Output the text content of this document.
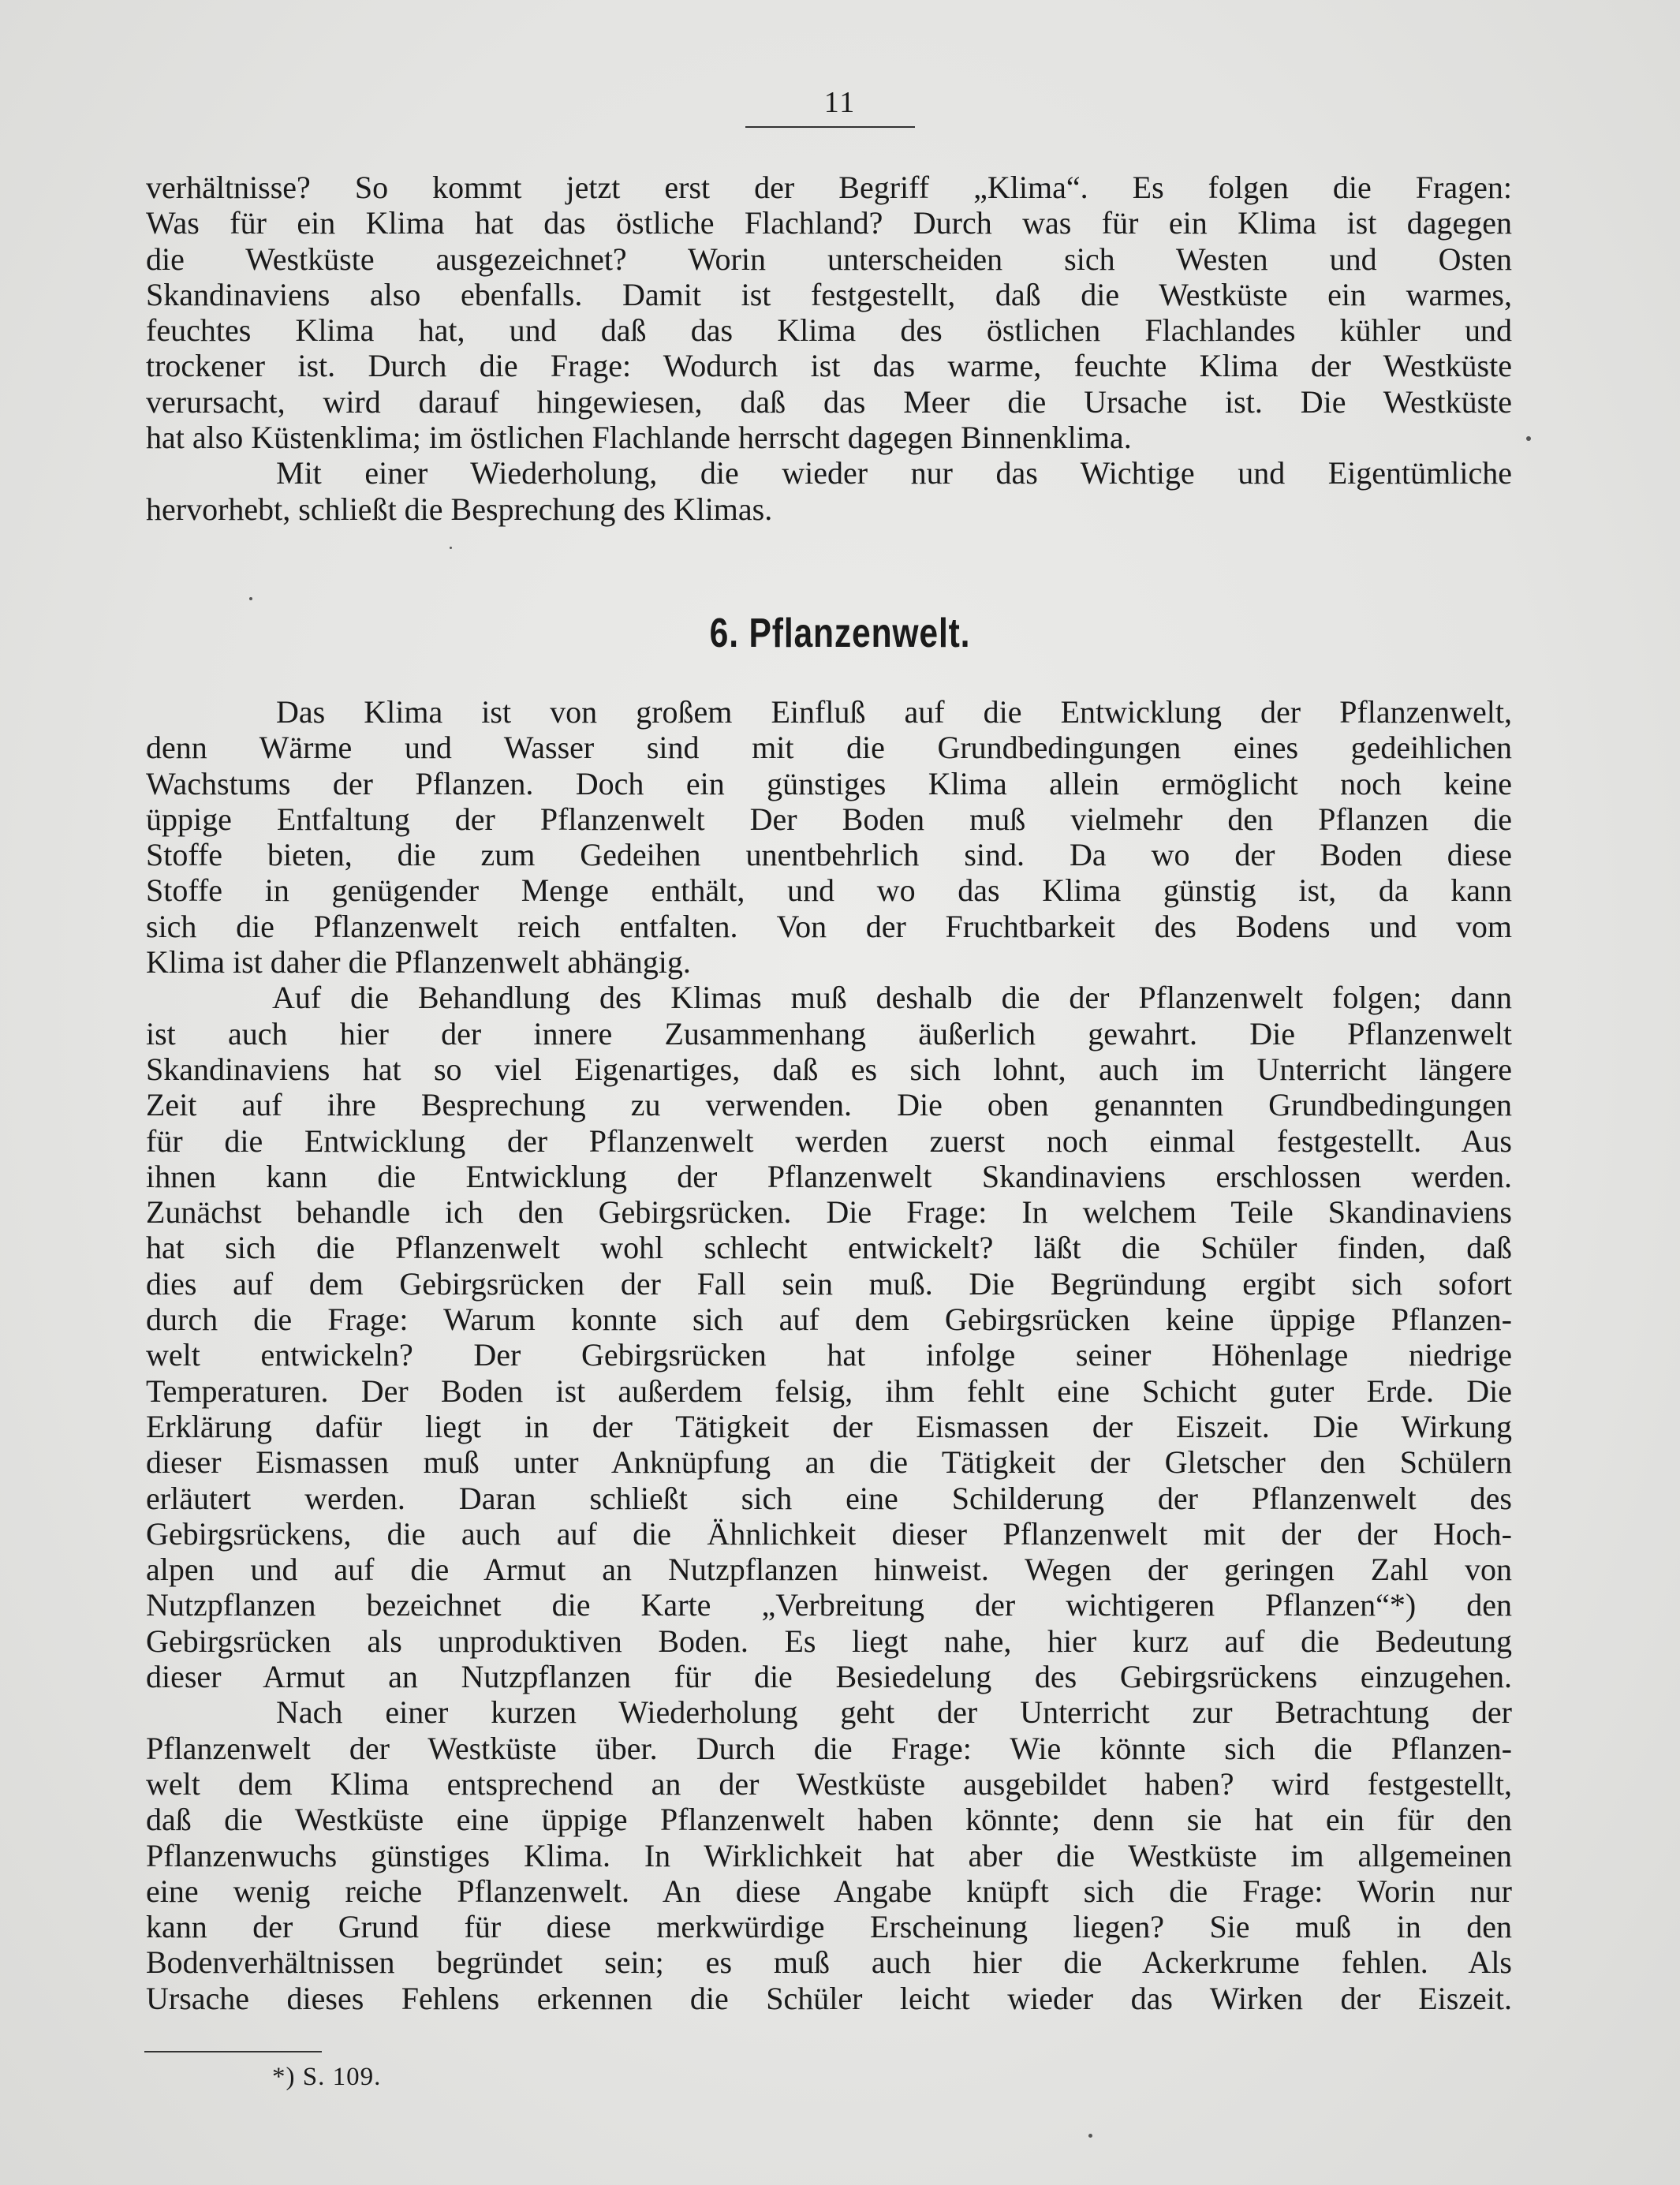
11
verhältnisse? So kommt jetzt erst der Begriff „Klima“. Es folgen die Fragen:
Was für ein Klima hat das östliche Flachland? Durch was für ein Klima ist dagegen
die Westküste ausgezeichnet? Worin unterscheiden sich Westen und Osten
Skandinaviens also ebenfalls. Damit ist festgestellt, daß die Westküste ein warmes,
feuchtes Klima hat, und daß das Klima des östlichen Flachlandes kühler und
trockener ist. Durch die Frage: Wodurch ist das warme, feuchte Klima der Westküste
verursacht, wird darauf hingewiesen, daß das Meer die Ursache ist. Die Westküste
hat also Küstenklima; im östlichen Flachlande herrscht dagegen Binnenklima.
Mit einer Wiederholung, die wieder nur das Wichtige und Eigentümliche
hervorhebt, schließt die Besprechung des Klimas.
6. Pflanzenwelt.
Das Klima ist von großem Einfluß auf die Entwicklung der Pflanzenwelt,
denn Wärme und Wasser sind mit die Grundbedingungen eines gedeihlichen
Wachstums der Pflanzen. Doch ein günstiges Klima allein ermöglicht noch keine
üppige Entfaltung der Pflanzenwelt Der Boden muß vielmehr den Pflanzen die
Stoffe bieten, die zum Gedeihen unentbehrlich sind. Da wo der Boden diese
Stoffe in genügender Menge enthält, und wo das Klima günstig ist, da kann
sich die Pflanzenwelt reich entfalten. Von der Fruchtbarkeit des Bodens und vom
Klima ist daher die Pflanzenwelt abhängig.
Auf die Behandlung des Klimas muß deshalb die der Pflanzenwelt folgen; dann
ist auch hier der innere Zusammenhang äußerlich gewahrt. Die Pflanzenwelt
Skandinaviens hat so viel Eigenartiges, daß es sich lohnt, auch im Unterricht längere
Zeit auf ihre Besprechung zu verwenden. Die oben genannten Grundbedingungen
für die Entwicklung der Pflanzenwelt werden zuerst noch einmal festgestellt. Aus
ihnen kann die Entwicklung der Pflanzenwelt Skandinaviens erschlossen werden.
Zunächst behandle ich den Gebirgsrücken. Die Frage: In welchem Teile Skandinaviens
hat sich die Pflanzenwelt wohl schlecht entwickelt? läßt die Schüler finden, daß
dies auf dem Gebirgsrücken der Fall sein muß. Die Begründung ergibt sich sofort
durch die Frage: Warum konnte sich auf dem Gebirgsrücken keine üppige Pflanzen-
welt entwickeln? Der Gebirgsrücken hat infolge seiner Höhenlage niedrige
Temperaturen. Der Boden ist außerdem felsig, ihm fehlt eine Schicht guter Erde. Die
Erklärung dafür liegt in der Tätigkeit der Eismassen der Eiszeit. Die Wirkung
dieser Eismassen muß unter Anknüpfung an die Tätigkeit der Gletscher den Schülern
erläutert werden. Daran schließt sich eine Schilderung der Pflanzenwelt des
Gebirgsrückens, die auch auf die Ähnlichkeit dieser Pflanzenwelt mit der der Hoch-
alpen und auf die Armut an Nutzpflanzen hinweist. Wegen der geringen Zahl von
Nutzpflanzen bezeichnet die Karte „Verbreitung der wichtigeren Pflanzen“*) den
Gebirgsrücken als unproduktiven Boden. Es liegt nahe, hier kurz auf die Bedeutung
dieser Armut an Nutzpflanzen für die Besiedelung des Gebirgsrückens einzugehen.
Nach einer kurzen Wiederholung geht der Unterricht zur Betrachtung der
Pflanzenwelt der Westküste über. Durch die Frage: Wie könnte sich die Pflanzen-
welt dem Klima entsprechend an der Westküste ausgebildet haben? wird festgestellt,
daß die Westküste eine üppige Pflanzenwelt haben könnte; denn sie hat ein für den
Pflanzenwuchs günstiges Klima. In Wirklichkeit hat aber die Westküste im allgemeinen
eine wenig reiche Pflanzenwelt. An diese Angabe knüpft sich die Frage: Worin nur
kann der Grund für diese merkwürdige Erscheinung liegen? Sie muß in den
Bodenverhältnissen begründet sein; es muß auch hier die Ackerkrume fehlen. Als
Ursache dieses Fehlens erkennen die Schüler leicht wieder das Wirken der Eiszeit.
*) S. 109.
